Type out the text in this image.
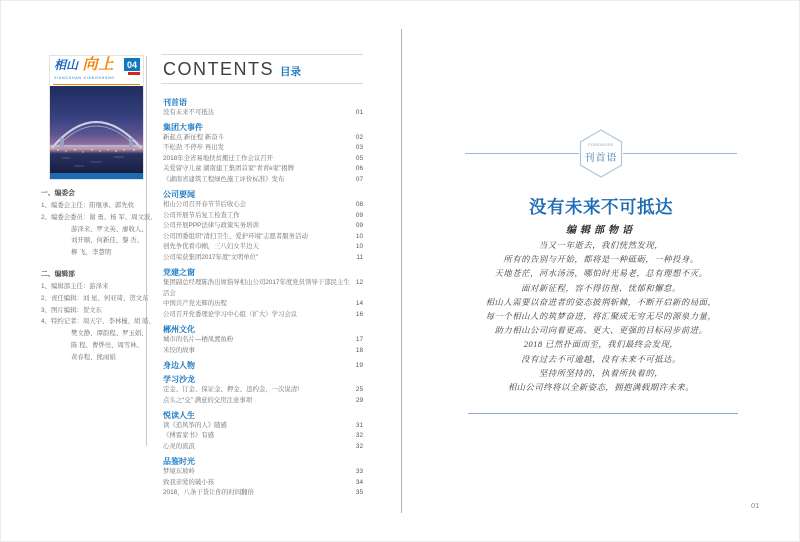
相山 向上	04
XIANGSHAN XIANGSHANG
一、编委会
1、编委会主任：阳继承、郭先枚
2、编委会委员：谢 勇、杨 军、周文波、
游泽来、罗文英、廖收人、
刘开顺、何新佳、黎 杏、
柳 飞、李慧明
二、编辑部
1、编辑部主任：游泽来
2、责任编辑：刘 星、何亚琦、贺文东
3、图片编辑：贺文东
4、特约记者：周天宇、李林橦、胡 皓、
樊文静、谭韵程、罗玉娟、
陈 程、曹烨亮、周雪林、
黄春程、熊雨娟
CONTENTS 目录
刊首语
没有未来不可抵达	01
集团大事件
新起点 新征程 新奋斗	02
不松劲 不停步 再出发	03
2018年全省易地扶贫搬迁工作会议召开	05
关爱留守儿童 湖南建工集团首家“青青e家”揭牌	06
《湖南省建筑工程绿色施工评价标准》发布	07
公司要闻
相山公司召开春节节后收心会	08
公司开展节后复工检查工作	09
公司开展PPP法律与政策实务培训	09
公司团委组织“清扫卫生、爱护环境”志愿者服务活动	10
创先争优看巾帼，三八妇女半边天	10
公司荣获集团2017年度“文明单位”	11
党建之窗
集团副总经理陈浩出席指导相山公司2017年度党员领导干部民主生活会
12
中国共产党光辉的历程	14
公司召开党委理论学习中心组（扩大）学习会议	16
郴州文化
城市的名片—栖凤渡鱼粉	17
米饺的故事	18
身边人物	19
学习沙龙
定金、订金、保证金、押金、违约金，一次说清!	25
点头之“交” 满意的交房注意事项	29
悦读人生
读《追风筝的人》随感	31
《傅雷家书》有感	32
心灵的流浪	32
品鉴时光
梦境东坡岭	33
致我亲爱的破小孩	34
2018，八条干货让你的时间翻倍	35
FOREWORD
刊首语
没有未来不可抵达
编辑部物语
当又一年逝去，我们恍然发现，
所有的告别与开始，都将是一种砥砺，一种投身。
天地苍茫，河水汤汤，哪怕时光易老，总有理想不灭。
面对新征程，容不得彷徨、忧郁和懈怠。
相山人需要以奋进者的姿态披荆斩棘，不断开启新的局面，
每一个相山人的筑梦奋进，将汇聚成无穷无尽的源泉力量，
助力相山公司向着更高、更大、更强的目标同步前进。
2018 已然扑面而至，我们最终会发现，
没有过去不可逾越，没有未来不可抵达。
坚持所坚持的，执着所执着的，
相山公司终将以全新姿态，拥抱满载期许未来。
01
